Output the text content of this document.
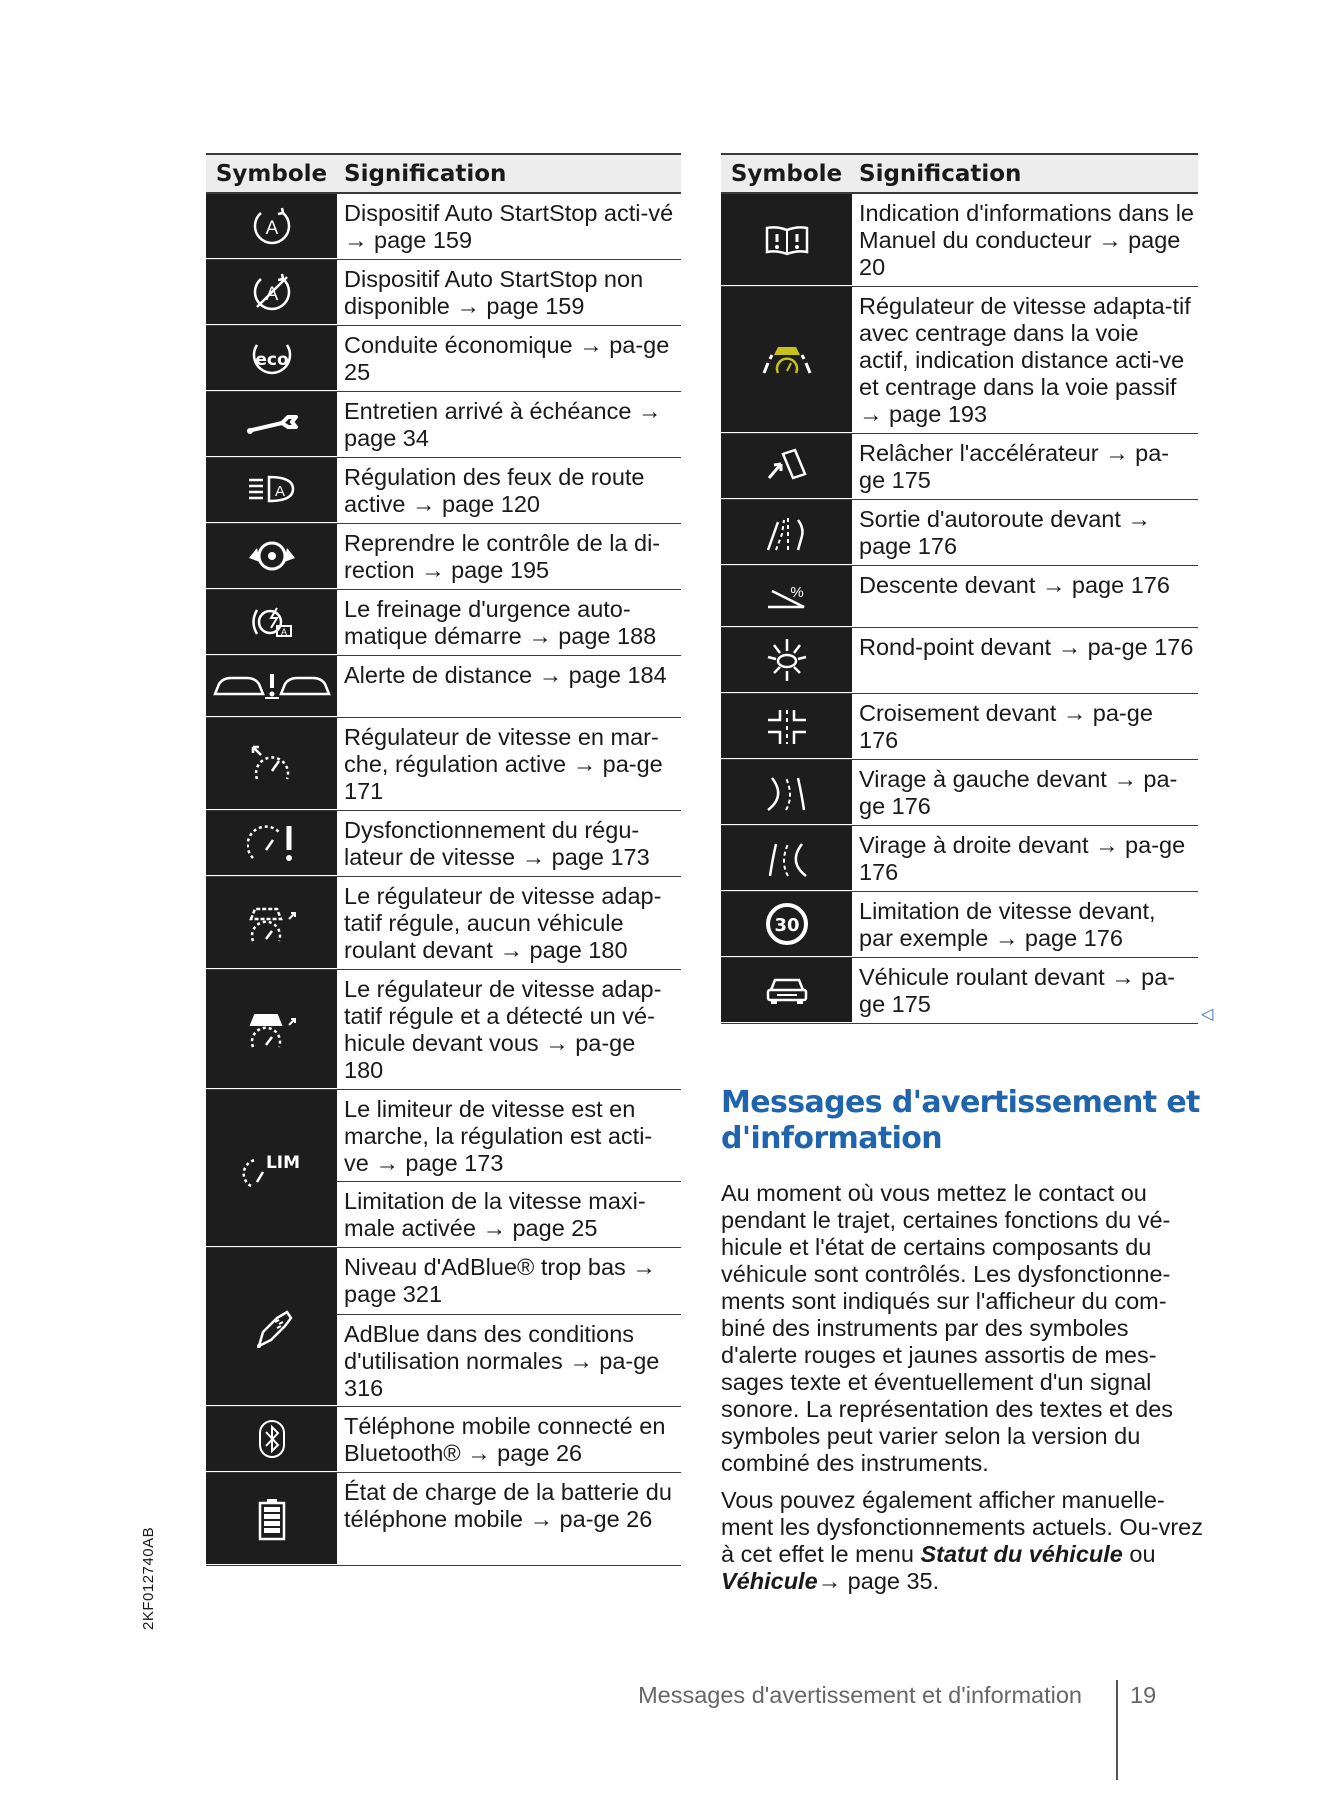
Symbole Signification
A
Dispositif Auto StartStop acti-vé → page 159
A
Dispositif Auto StartStop non disponible → page 159
eco
Conduite économique → pa-ge 25
Entretien arrivé à échéance → page 34
A
Régulation des feux de route active → page 120
Reprendre le contrôle de la di-rection → page 195
A
Le freinage d'urgence auto-matique démarre → page 188
Alerte de distance → page 184
Régulateur de vitesse en mar-che, régulation active → pa-ge 171
Dysfonctionnement du régu-lateur de vitesse → page 173
Le régulateur de vitesse adap-tatif régule, aucun véhicule roulant devant → page 180
Le régulateur de vitesse adap-tatif régule et a détecté un vé-hicule devant vous → pa-ge 180
LIM
Le limiteur de vitesse est en marche, la régulation est acti-ve → page 173
Limitation de la vitesse maxi-male activée → page 25
Niveau d'AdBlue® trop bas → page 321
AdBlue dans des conditions d'utilisation normales → pa-ge 316
Téléphone mobile connecté en Bluetooth® → page 26
État de charge de la batterie du téléphone mobile → pa-ge 26
Symbole Signification
Indication d'informations dans le Manuel du conducteur → page 20
Régulateur de vitesse adapta-tif avec centrage dans la voie actif, indication distance acti-ve et centrage dans la voie passif → page 193
Relâcher l'accélérateur → pa-ge 175
Sortie d'autoroute devant → page 176
% Descente devant → page 176
Rond-point devant → pa-ge 176
Croisement devant → pa-ge 176
Virage à gauche devant → pa-ge 176
Virage à droite devant → pa-ge 176
30
Limitation de vitesse devant, par exemple → page 176
Véhicule roulant devant → pa-ge 175	◁
Messages d'avertissement et d'information

Au moment où vous mettez le contact ou pendant le trajet, certaines fonctions du vé-hicule et l'état de certains composants du véhicule sont contrôlés. Les dysfonctionne-ments sont indiqués sur l'afficheur du com-biné des instruments par des symboles d'alerte rouges et jaunes assortis de mes-sages texte et éventuellement d'un signal sonore. La représentation des textes et des symboles peut varier selon la version du combiné des instruments.

Vous pouvez également afficher manuelle-ment les dysfonctionnements actuels. Ou-vrez à cet effet le menu Statut du véhicule ou Véhicule→ page 35.

2KF012740AB
Messages d'avertissement et d'information 19
